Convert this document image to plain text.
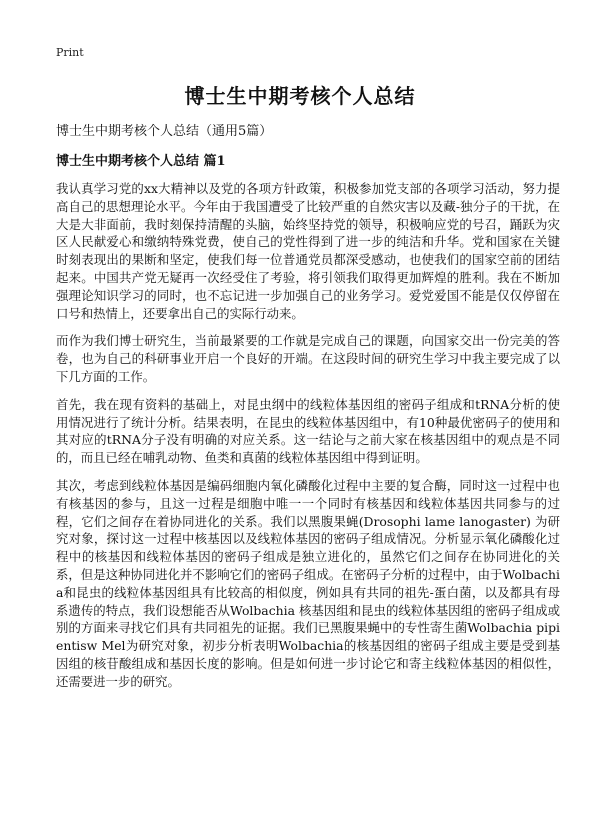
Print
博士生中期考核个人总结
博士生中期考核个人总结（通用5篇）
博士生中期考核个人总结 篇1

我认真学习党的xx大精神以及党的各项方针政策，积极参加党支部的各项学习活动，努力提高自己的思想理论水平。今年由于我国遭受了比较严重的自然灾害以及藏-独分子的干扰，在大是大非面前，我时刻保持清醒的头脑，始终坚持党的领导，积极响应党的号召，踊跃为灾区人民献爱心和缴纳特殊党费，使自己的党性得到了进一步的纯洁和升华。党和国家在关键时刻表现出的果断和坚定，使我们每一位普通党员都深受感动，也使我们的国家空前的团结起来。中国共产党无疑再一次经受住了考验，将引领我们取得更加辉煌的胜利。我在不断加强理论知识学习的同时，也不忘记进一步加强自己的业务学习。爱党爱国不能是仅仅停留在口号和热情上，还要拿出自己的实际行动来。

而作为我们博士研究生，当前最紧要的工作就是完成自己的课题，向国家交出一份完美的答卷，也为自己的科研事业开启一个良好的开端。在这段时间的研究生学习中我主要完成了以下几方面的工作。

首先，我在现有资料的基础上，对昆虫纲中的线粒体基因组的密码子组成和tRNA分析的使用情况进行了统计分析。结果表明，在昆虫的线粒体基因组中，有10种最优密码子的使用和其对应的tRNA分子没有明确的对应关系。这一结论与之前大家在核基因组中的观点是不同的，而且已经在哺乳动物、鱼类和真菌的线粒体基因组中得到证明。

其次，考虑到线粒体基因是编码细胞内氧化磷酸化过程中主要的复合酶，同时这一过程中也有核基因的参与，且这一过程是细胞中唯一一个同时有核基因和线粒体基因共同参与的过程，它们之间存在着协同进化的关系。我们以黑腹果蝇(Drosophi lame lanogaster) 为研究对象，探讨这一过程中核基因以及线粒体基因的密码子组成情况。分析显示氧化磷酸化过程中的核基因和线粒体基因的密码子组成是独立进化的，虽然它们之间存在协同进化的关系，但是这种协同进化并不影响它们的密码子组成。在密码子分析的过程中，由于Wolbachia和昆虫的线粒体基因组具有比较高的相似度，例如具有共同的祖先-蛋白菌，以及都具有母系遗传的特点，我们设想能否从Wolbachia 核基因组和昆虫的线粒体基因组的密码子组成或别的方面来寻找它们具有共同祖先的证据。我们已黑腹果蝇中的专性寄生菌Wolbachia pipientisw Mel为研究对象，初步分析表明Wolbachia的核基因组的密码子组成主要是受到基因组的核苷酸组成和基因长度的影响。但是如何进一步讨论它和寄主线粒体基因的相似性，还需要进一步的研究。
